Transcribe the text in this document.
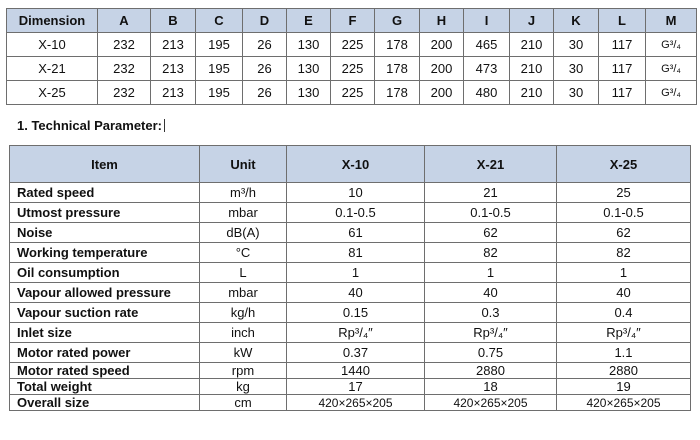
Dimension	A	B	C	D	E	F	G	H	I	J	K	L	M
X-10	232	213	195	26	130	225	178	200	465	210	30	117	G³/₄
X-21	232	213	195	26	130	225	178	200	473	210	30	117	G³/₄
X-25	232	213	195	26	130	225	178	200	480	210	30	117	G³/₄
1. Technical Parameter:
Item	Unit	X-10	X-21	X-25
Rated speed	m³/h	10	21	25
Utmost pressure	mbar	0.1-0.5	0.1-0.5	0.1-0.5
Noise	dB(A)	61	62	62
Working temperature	°C	81	82	82
Oil consumption	L	1	1	1
Vapour allowed pressure	mbar	40	40	40
Vapour suction rate	kg/h	0.15	0.3	0.4
Inlet size	inch	Rp³/₄″	Rp³/₄″	Rp³/₄″
Motor rated power	kW	0.37	0.75	1.1
Motor rated speed	rpm	1440	2880	2880
Total weight	kg	17	18	19
Overall size	cm	420×265×205	420×265×205	420×265×205
